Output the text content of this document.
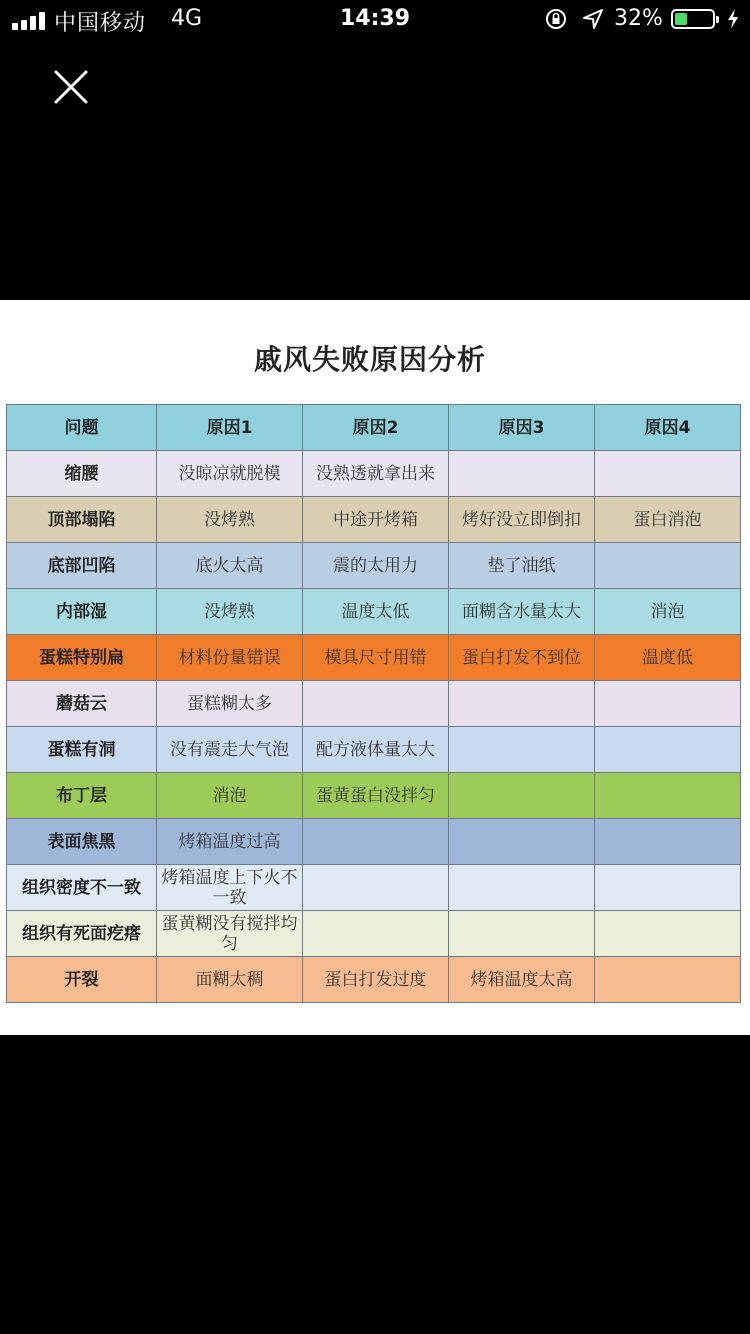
中国移动 4G	14:39	32%
戚风失败原因分析
问题	原因1	原因2	原因3	原因4
缩腰	没晾凉就脱模	没熟透就拿出来		
顶部塌陷	没烤熟	中途开烤箱	烤好没立即倒扣	蛋白消泡
底部凹陷	底火太高	震的太用力	垫了油纸	
内部湿	没烤熟	温度太低	面糊含水量太大	消泡
蛋糕特别扁	材料份量错误	模具尺寸用错	蛋白打发不到位	温度低
蘑菇云	蛋糕糊太多			
蛋糕有洞	没有震走大气泡	配方液体量太大		
布丁层	消泡	蛋黄蛋白没拌匀		
表面焦黑	烤箱温度过高			
组织密度不一致	烤箱温度上下火不一致			
组织有死面疙瘩	蛋黄糊没有搅拌均匀			
开裂	面糊太稠	蛋白打发过度	烤箱温度太高	
